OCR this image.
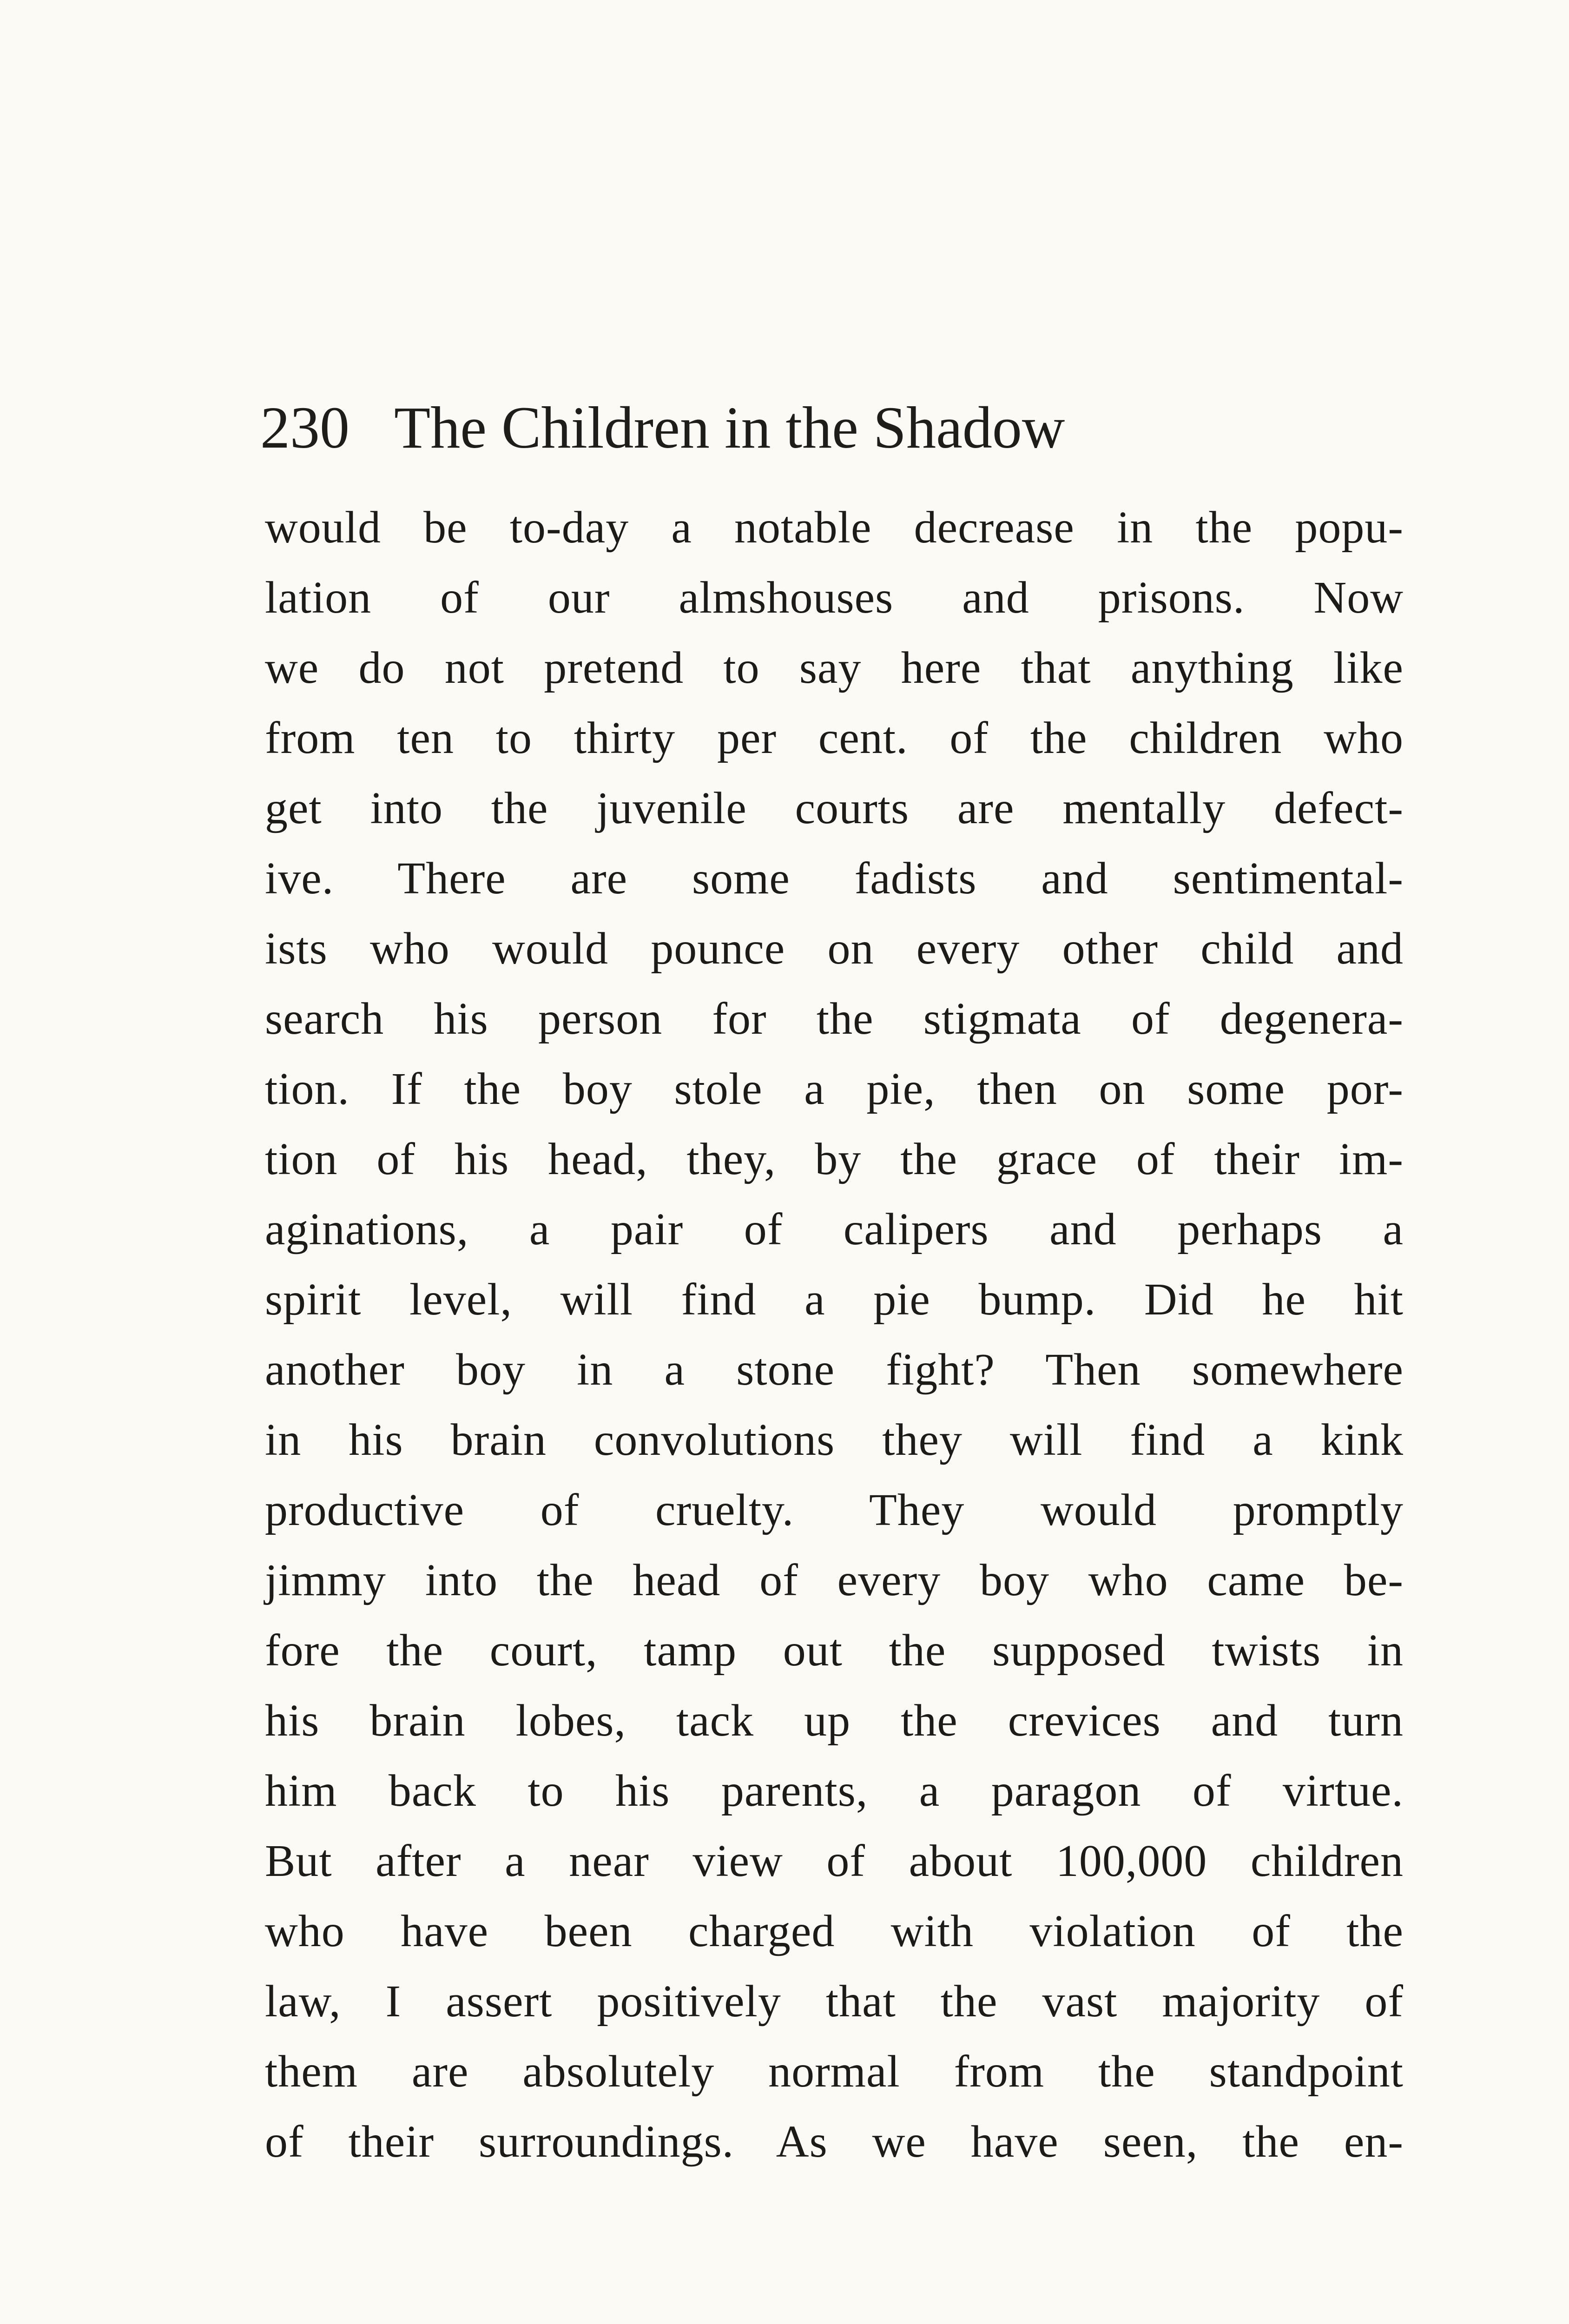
230 The Children in the Shadow
would be to-day a notable decrease in the popu-
lation of our almshouses and prisons. Now
we do not pretend to say here that anything like
from ten to thirty per cent. of the children who
get into the juvenile courts are mentally defect-
ive. There are some fadists and sentimental-
ists who would pounce on every other child and
search his person for the stigmata of degenera-
tion. If the boy stole a pie, then on some por-
tion of his head, they, by the grace of their im-
aginations, a pair of calipers and perhaps a
spirit level, will find a pie bump. Did he hit
another boy in a stone fight? Then somewhere
in his brain convolutions they will find a kink
productive of cruelty. They would promptly
jimmy into the head of every boy who came be-
fore the court, tamp out the supposed twists in
his brain lobes, tack up the crevices and turn
him back to his parents, a paragon of virtue.
But after a near view of about 100,000 children
who have been charged with violation of the
law, I assert positively that the vast majority of
them are absolutely normal from the standpoint
of their surroundings. As we have seen, the en-
